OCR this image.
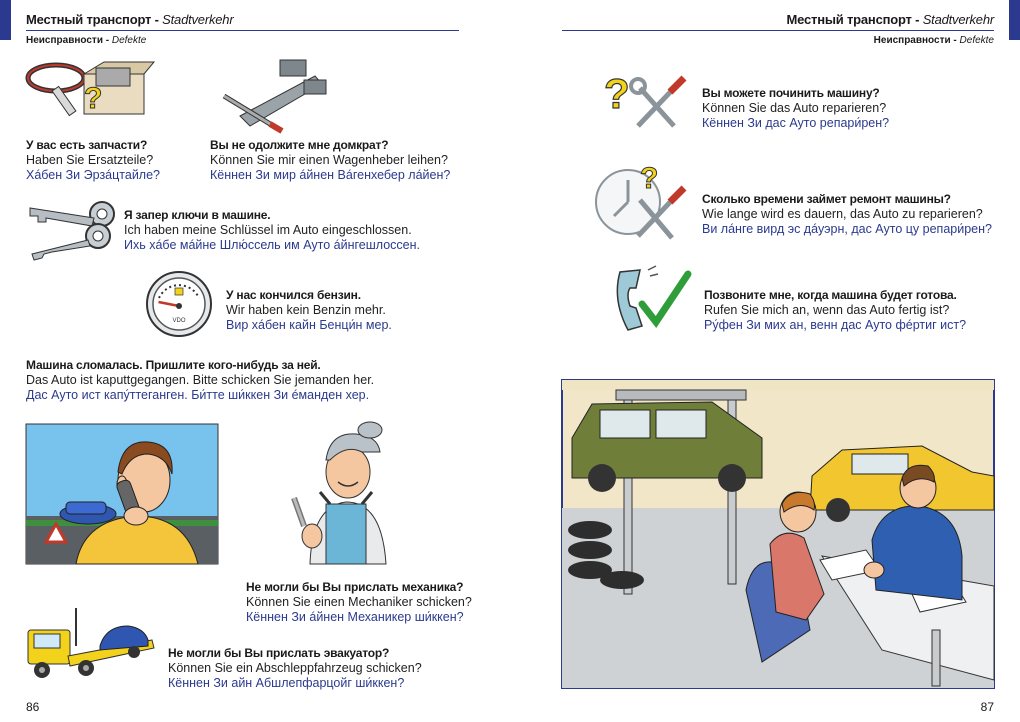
Местный транспорт - Stadtverkehr
Неисправности - Defekte
Местный транспорт - Stadtverkehr
Неисправности - Defekte
?
У вас есть запчасти?
Haben Sie Ersatzteile?
Хáбен Зи Эрзáцтайле?
Вы не одолжите мне домкрат?
Können Sie mir einen Wagenheber leihen?
Кённен Зи мир áйнен Вáгенхебер лáйен?
Я запер ключи в машине.
Ich haben meine Schlüssel im Auto eingeschlossen.
Ихь хáбе мáйне Шлю́ссель им Ауто áйнгешлоссен.
VDO
У нас кончился бензин.
Wir haben kein Benzin mehr.
Вир хáбен кайн Бенци́н мер.
Машина сломалась. Пришлите кого-нибудь за ней.
Das Auto ist kaputtgegangen. Bitte schicken Sie jemanden her.
Дас Ауто ист капу́ттеганген. Би́тте ши́ккен Зи éманден хер.
Не могли бы Вы прислать механика?
Können Sie einen Mechaniker schicken?
Кённен Зи áйнен Механикер ши́ккен?
Не могли бы Вы прислать эвакуатор?
Können Sie ein Abschleppfahrzeug schicken?
Кённен Зи айн Абшлепфарцойг ши́ккен?
86
?	Вы можете починить машину?
Können Sie das Auto reparieren?
Кённен Зи дас Ауто репари́рен?
?
Сколько времени займет ремонт машины?
Wie lange wird es dauern, das Auto zu reparieren?
Ви лáнге вирд эс дáуэрн, дас Ауто цу репари́рен?
Позвоните мне, когда машина будет готова.
Rufen Sie mich an, wenn das Auto fertig ist?
Ру́фен Зи мих ан, венн дас Ауто фéртиг ист?
87
